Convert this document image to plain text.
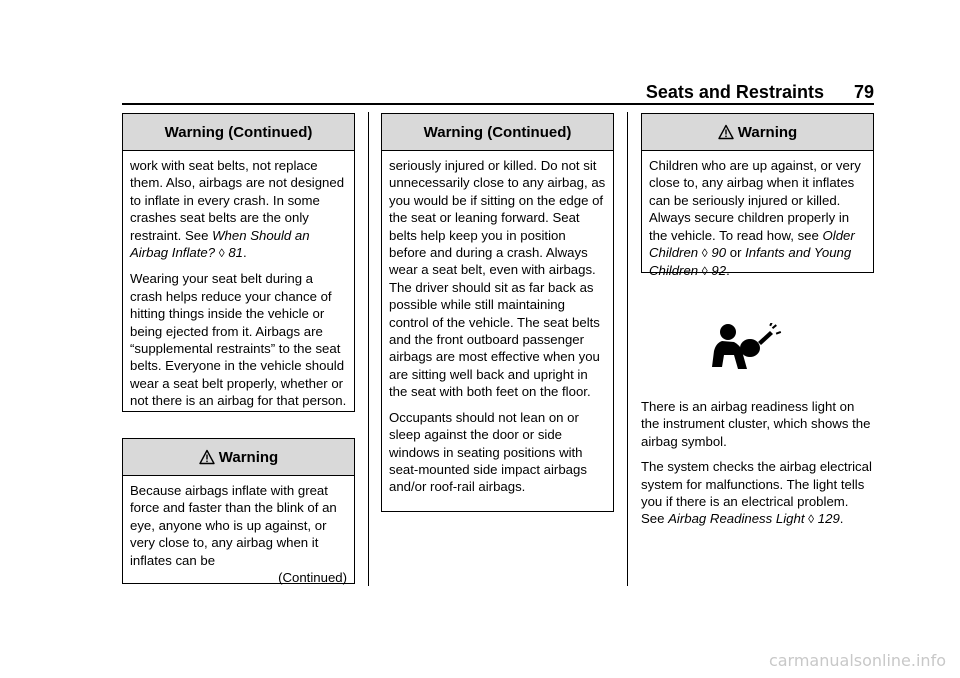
Seats and Restraints 79
Warning (Continued)

work with seat belts, not replace them. Also, airbags are not designed to inflate in every crash. In some crashes seat belts are the only restraint. See When Should an Airbag Inflate? ◊ 81.

Wearing your seat belt during a crash helps reduce your chance of hitting things inside the vehicle or being ejected from it. Airbags are “supplemental restraints” to the seat belts. Everyone in the vehicle should wear a seat belt properly, whether or not there is an airbag for that person.

Warning

Because airbags inflate with great force and faster than the blink of an eye, anyone who is up against, or very close to, any airbag when it inflates can be

(Continued)
Warning (Continued)

seriously injured or killed. Do not sit unnecessarily close to any airbag, as you would be if sitting on the edge of the seat or leaning forward. Seat belts help keep you in position before and during a crash. Always wear a seat belt, even with airbags. The driver should sit as far back as possible while still maintaining control of the vehicle. The seat belts and the front outboard passenger airbags are most effective when you are sitting well back and upright in the seat with both feet on the floor.

Occupants should not lean on or sleep against the door or side windows in seating positions with seat-mounted side impact airbags and/or roof-rail airbags.

Warning

Children who are up against, or very close to, any airbag when it inflates can be seriously injured or killed. Always secure children properly in the vehicle. To read how, see Older Children ◊ 90 or Infants and Young Children ◊ 92.

There is an airbag readiness light on the instrument cluster, which shows the airbag symbol.

The system checks the airbag electrical system for malfunctions. The light tells you if there is an electrical problem. See Airbag Readiness Light ◊ 129.

carmanualsonline.info
